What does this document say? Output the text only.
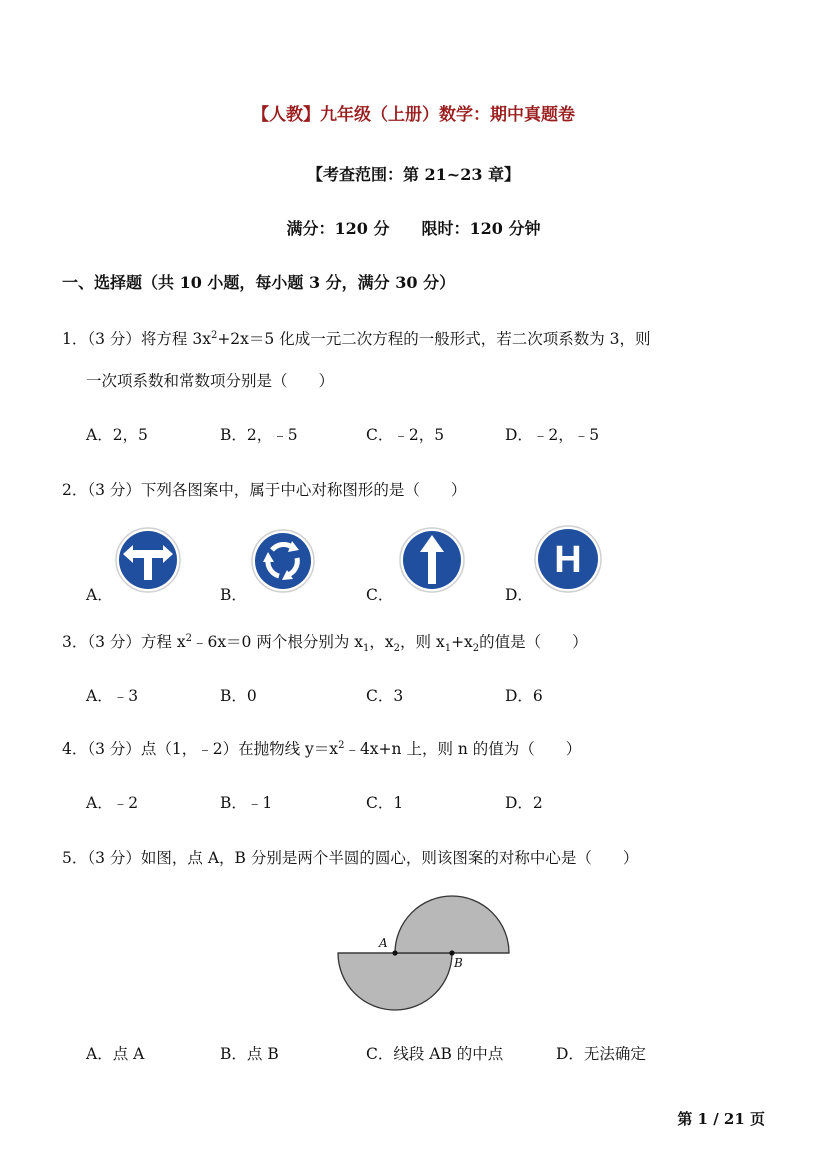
【人教】九年级（上册）数学：期中真题卷
【考查范围：第 21~23 章】
满分：120 分　　限时：120 分钟
一、选择题（共 10 小题，每小题 3 分，满分 30 分）
1．（3 分）将方程 $3x^2+2x=5$ 化成一元二次方程的一般形式，若二次项系数为 3，则
一次项系数和常数项分别是（　　）
A．2，5	B．2，﹣5	C．﹣2，5	D．﹣2，﹣5
2．（3 分）下列各图案中，属于中心对称图形的是（　　）
A．	B．	C．	D．
H
3．（3 分）方程 $x^2﹣6x=0$ 两个根分别为 $x_1$，$x_2$，则 $x_1+x_2$的值是（　　）
A．﹣3	B．0	C．3	D．6
4．（3 分）点（1，﹣2）在抛物线 $y=x^2﹣4x+n$ 上，则 n 的值为（　　）
A．﹣2	B．﹣1	C．1	D．2
5．（3 分）如图，点 A，B 分别是两个半圆的圆心，则该图案的对称中心是（　　）
A
B
A．点 A	B．点 B	C．线段 AB 的中点	D．无法确定
第 1 / 21 页
